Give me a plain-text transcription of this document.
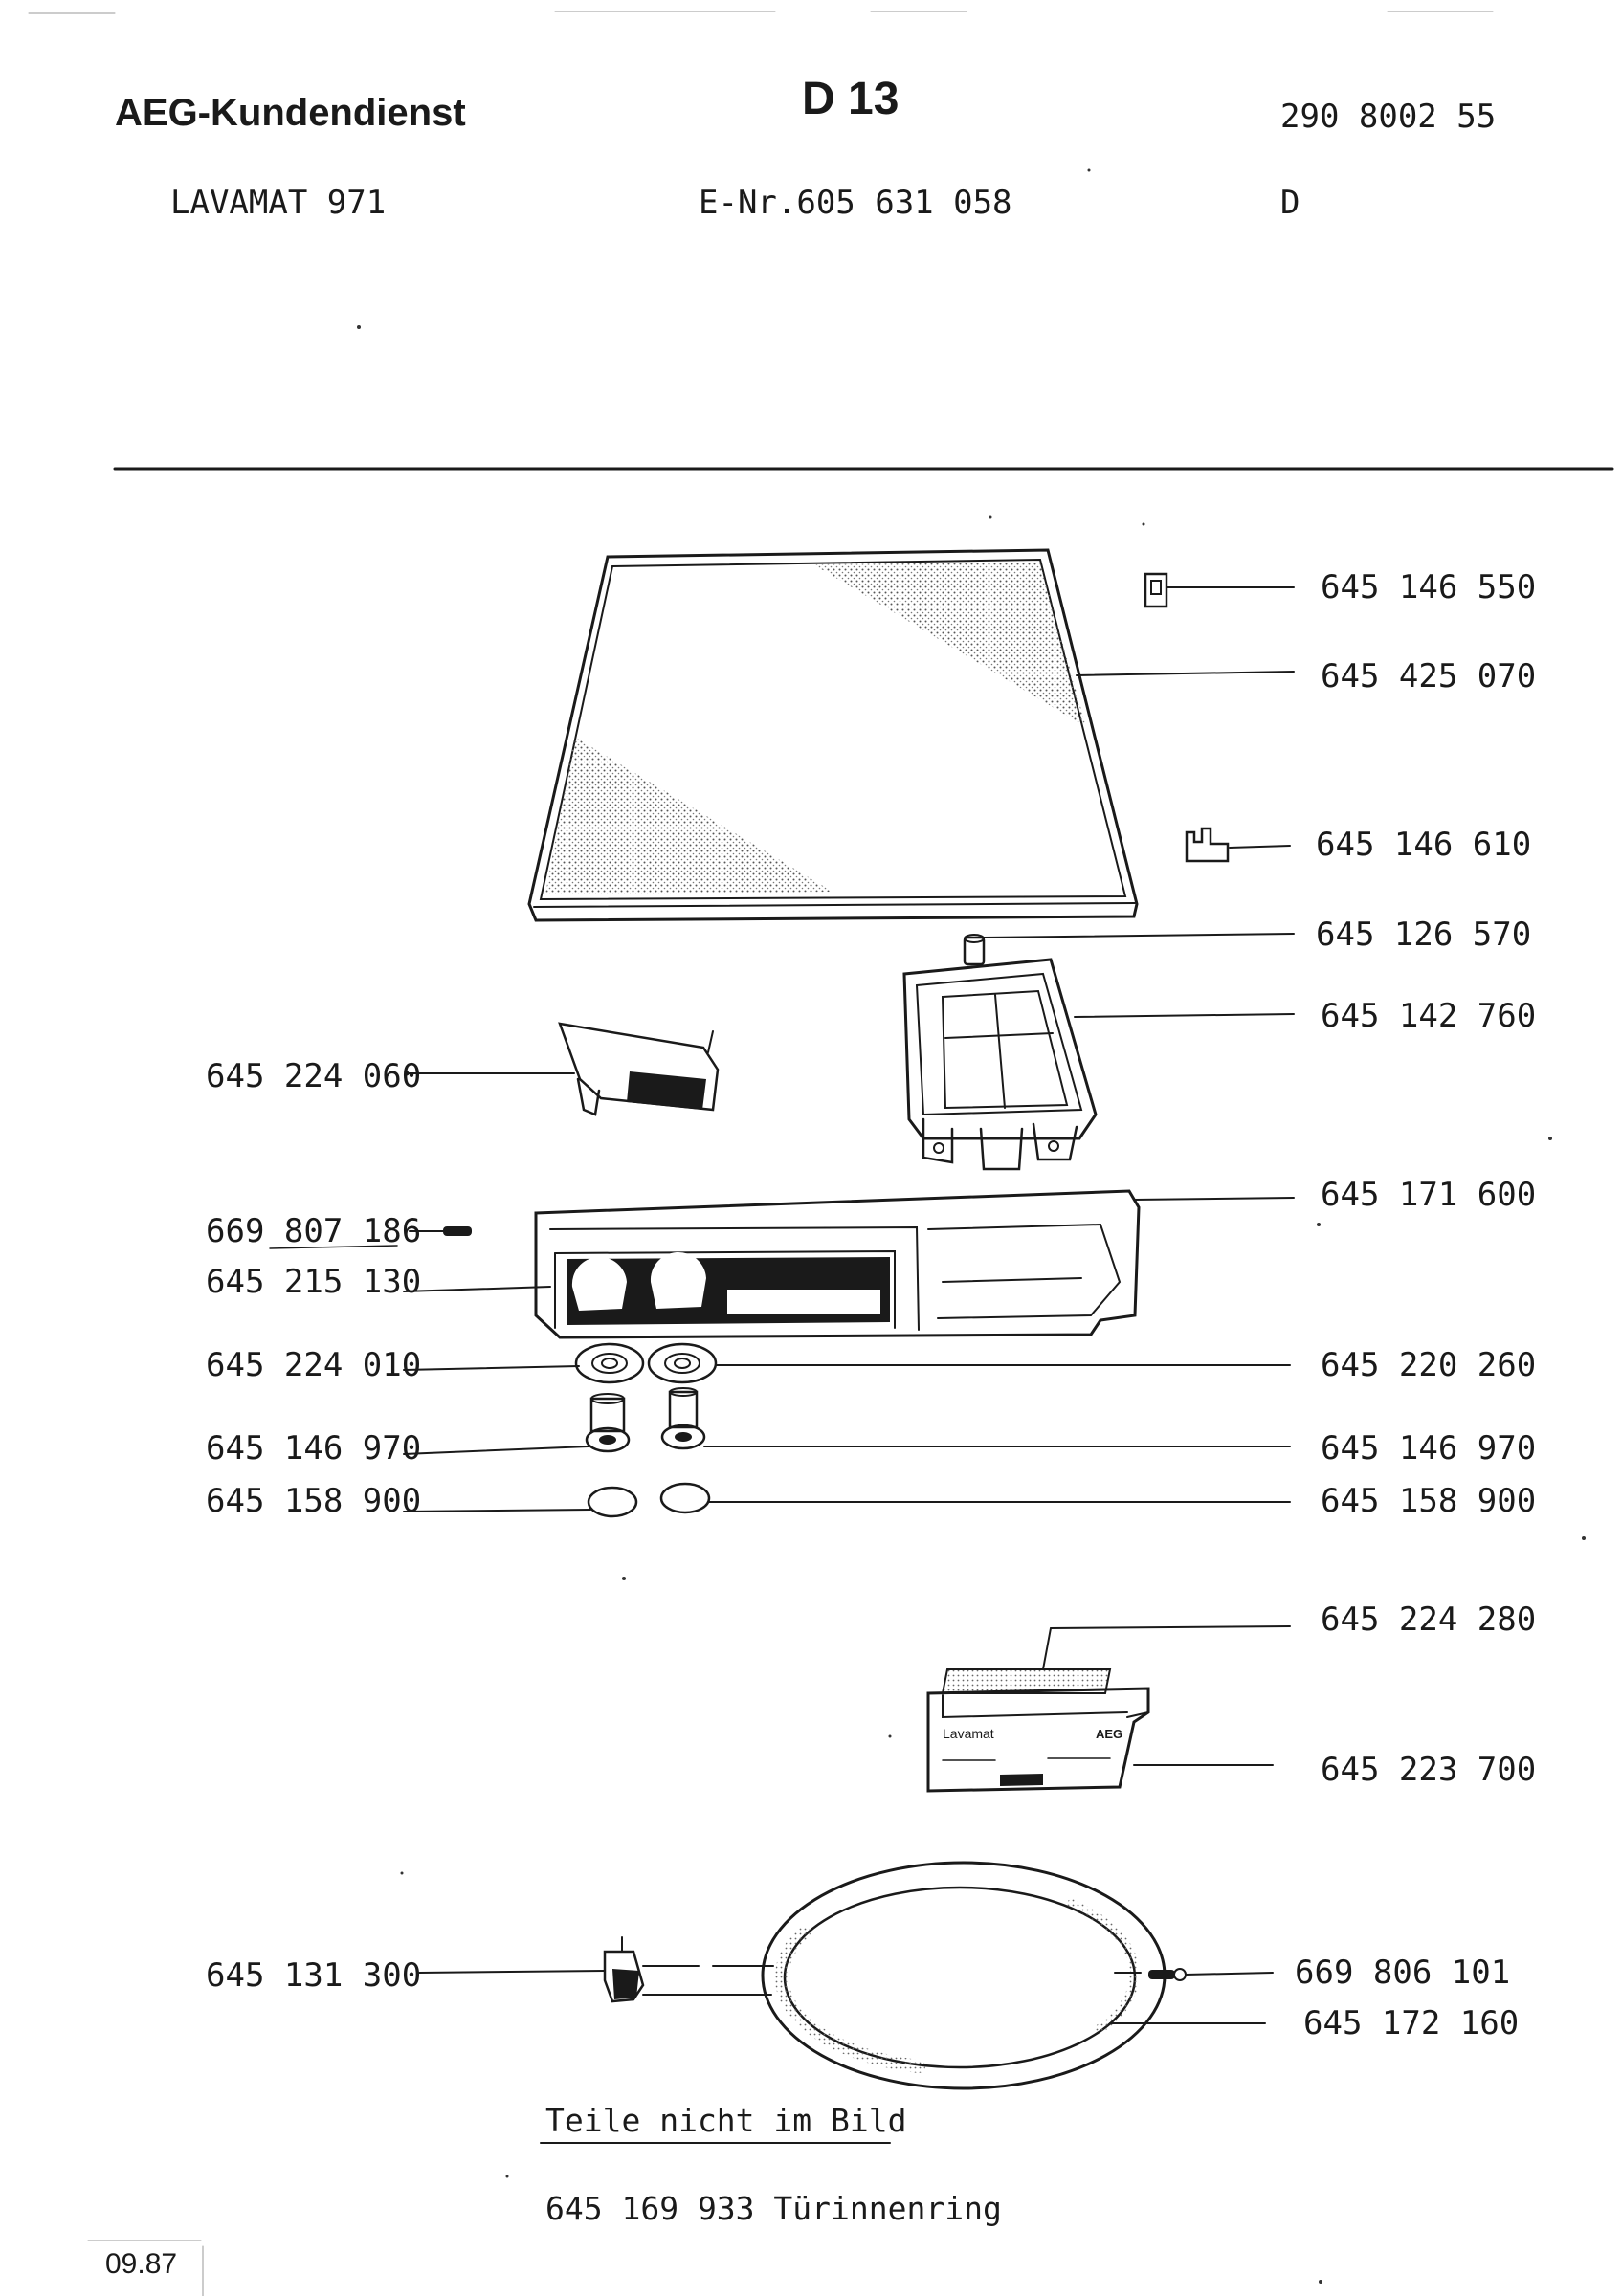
AEG-Kundendienst	D 13	290 8002 55
LAVAMAT 971	E-Nr.605 631 058	D
645 146 550
645 425 070
645 146 610
645 126 570
645 142 760
645 171 600
645 220 260
645 146 970
645 158 900
645 224 280
645 223 700
669 806 101
645 172 160
645 224 060
669 807 186
645 215 130
645 224 010
645 146 970
645 158 900
645 131 300
Lavamat	AEG
Teile nicht im Bild
645 169 933 Türinnenring
09.87
